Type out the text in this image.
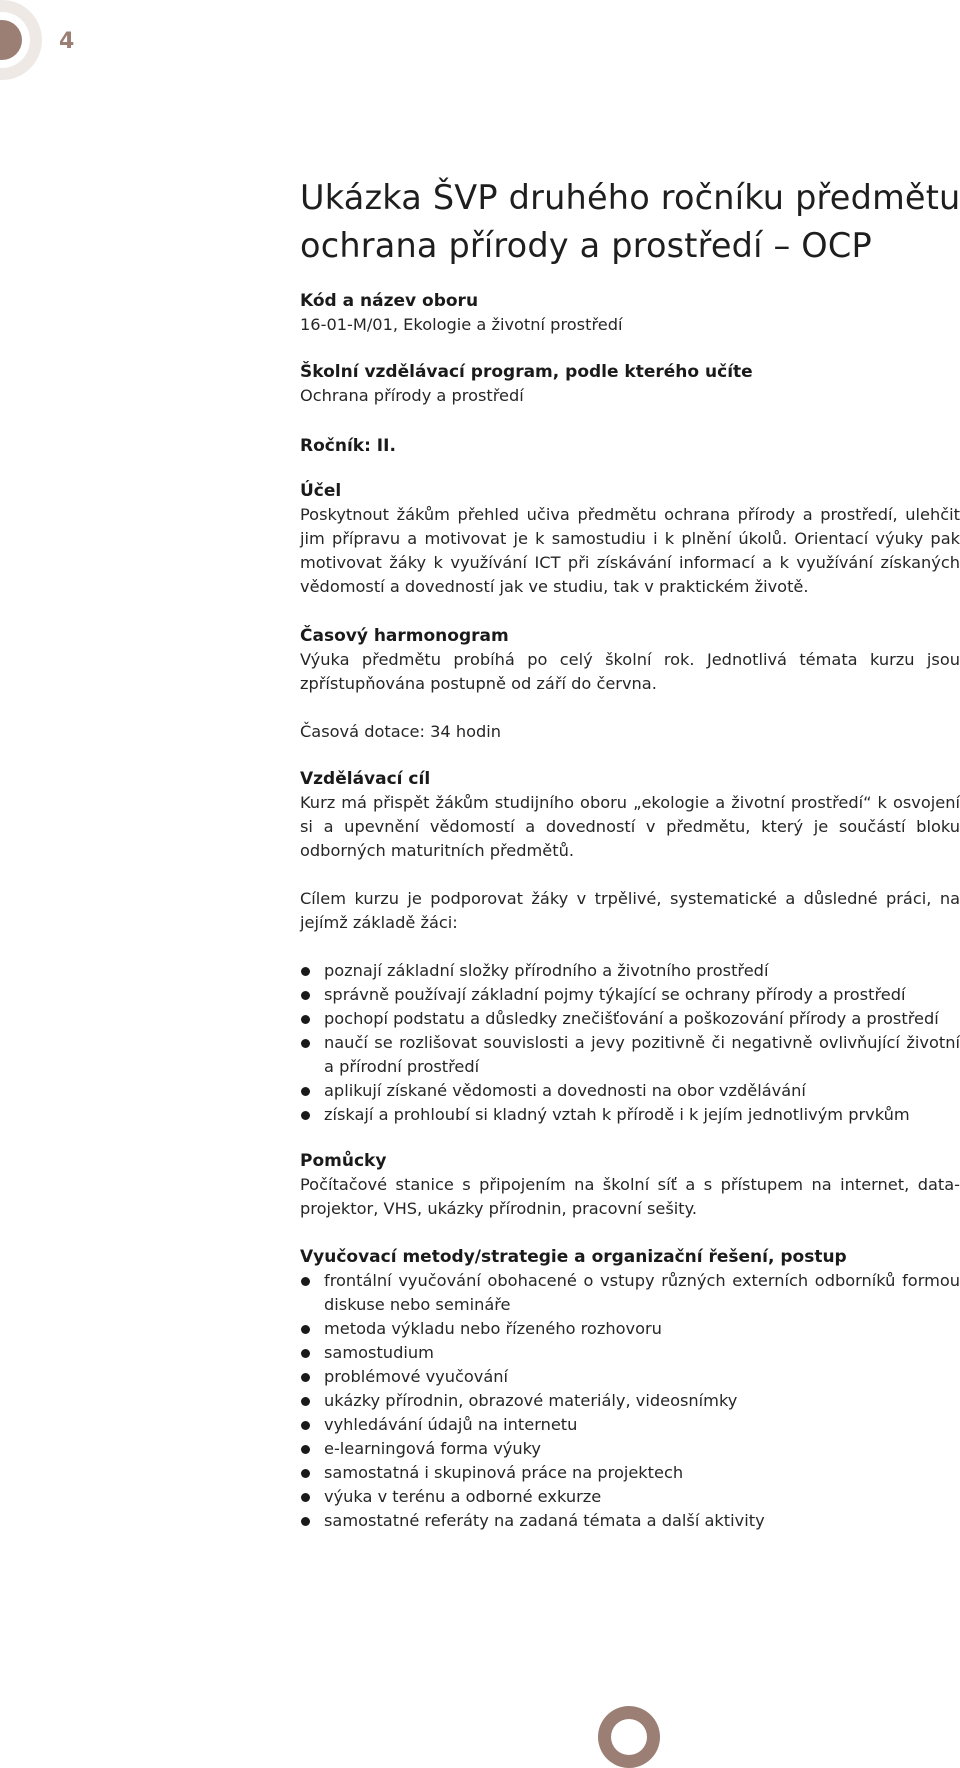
4
Ukázka ŠVP druhého ročníku předmětu ochrana přírody a prostředí – OCP

Kód a název oboru

16-01-M/01, Ekologie a životní prostředí

Školní vzdělávací program, podle kterého učíte

Ochrana přírody a prostředí

Ročník: II.

Účel

Poskytnout žákům přehled učiva předmětu ochrana přírody a prostředí, ulehčit jim přípravu a motivovat je k samostudiu i k plnění úkolů. Orientací výuky pak motivovat žáky k využívání ICT při získávání informací a k využívání získaných vědomostí a dovedností jak ve studiu, tak v praktickém životě.

Časový harmonogram

Výuka předmětu probíhá po celý školní rok. Jednotlivá témata kurzu jsou zpřístupňována postupně od září do června.

Časová dotace: 34 hodin

Vzdělávací cíl

Kurz má přispět žákům studijního oboru „ekologie a životní prostředí“ k osvojení si a upevnění vědomostí a dovedností v předmětu, který je součástí bloku odborných maturitních předmětů.

Cílem kurzu je podporovat žáky v trpělivé, systematické a důsledné práci, na jejímž základě žáci:

poznají základní složky přírodního a životního prostředí
správně používají základní pojmy týkající se ochrany přírody a prostředí
pochopí podstatu a důsledky znečišťování a poškozování přírody a prostředí
naučí se rozlišovat souvislosti a jevy pozitivně či negativně ovlivňující životní a přírodní prostředí
aplikují získané vědomosti a dovednosti na obor vzdělávání
získají a prohloubí si kladný vztah k přírodě i k jejím jednotlivým prvkům

Pomůcky

Počítačové stanice s připojením na školní síť a s přístupem na internet, data-projektor, VHS, ukázky přírodnin, pracovní sešity.

Vyučovací metody/strategie a organizační řešení, postup

frontální vyučování obohacené o vstupy různých externích odborníků formou diskuse nebo semináře
metoda výkladu nebo řízeného rozhovoru
samostudium
problémové vyučování
ukázky přírodnin, obrazové materiály, videosnímky
vyhledávání údajů na internetu
e-learningová forma výuky
samostatná i skupinová práce na projektech
výuka v terénu a odborné exkurze
samostatné referáty na zadaná témata a další aktivity
